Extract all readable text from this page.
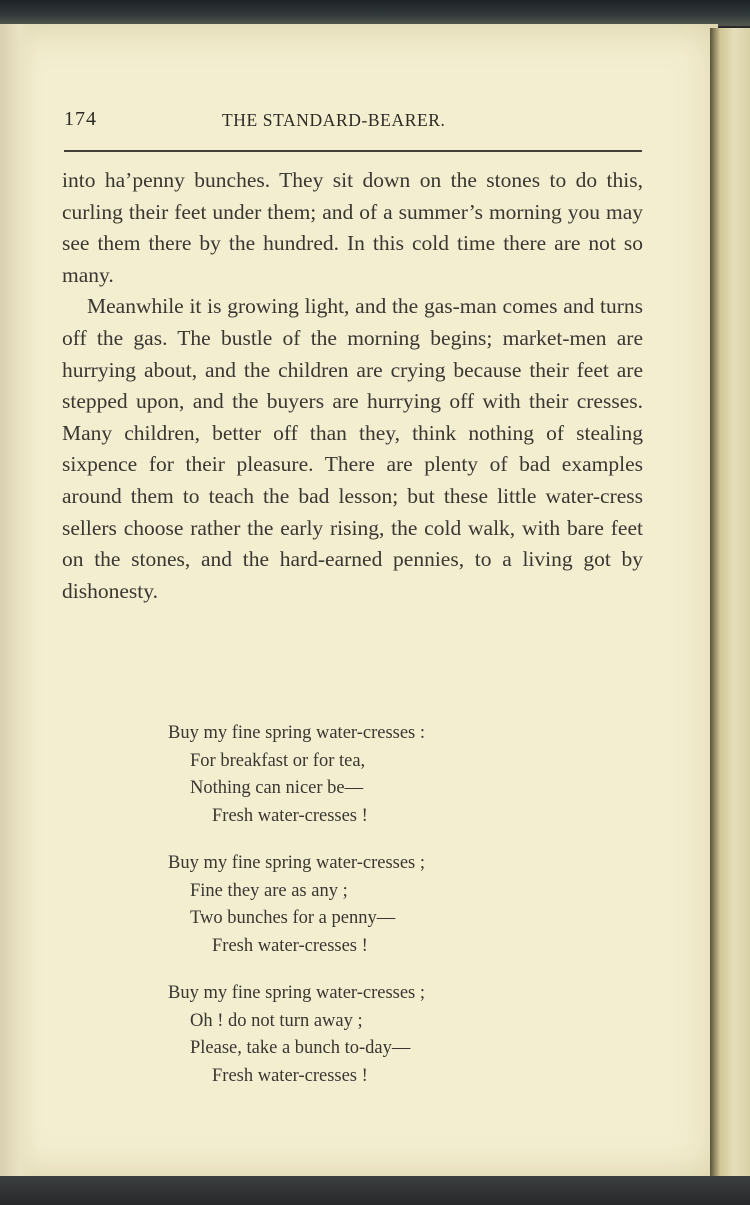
174	THE STANDARD-BEARER.

into ha’penny bunches. They sit down on the stones to do this, curling their feet under them; and of a summer’s morning you may see them there by the hundred. In this cold time there are not so many.

Meanwhile it is growing light, and the gas-man comes and turns off the gas. The bustle of the morning begins; market-men are hurrying about, and the children are crying because their feet are stepped upon, and the buyers are hurrying off with their cresses. Many children, better off than they, think nothing of stealing sixpence for their pleasure. There are plenty of bad examples around them to teach the bad lesson; but these little water-cress sellers choose rather the early rising, the cold walk, with bare feet on the stones, and the hard-earned pennies, to a living got by dishonesty.

Buy my fine spring water-cresses :
For breakfast or for tea,
Nothing can nicer be—
Fresh water-cresses !
Buy my fine spring water-cresses ;
Fine they are as any ;
Two bunches for a penny—
Fresh water-cresses !
Buy my fine spring water-cresses ;
Oh ! do not turn away ;
Please, take a bunch to-day—
Fresh water-cresses !
